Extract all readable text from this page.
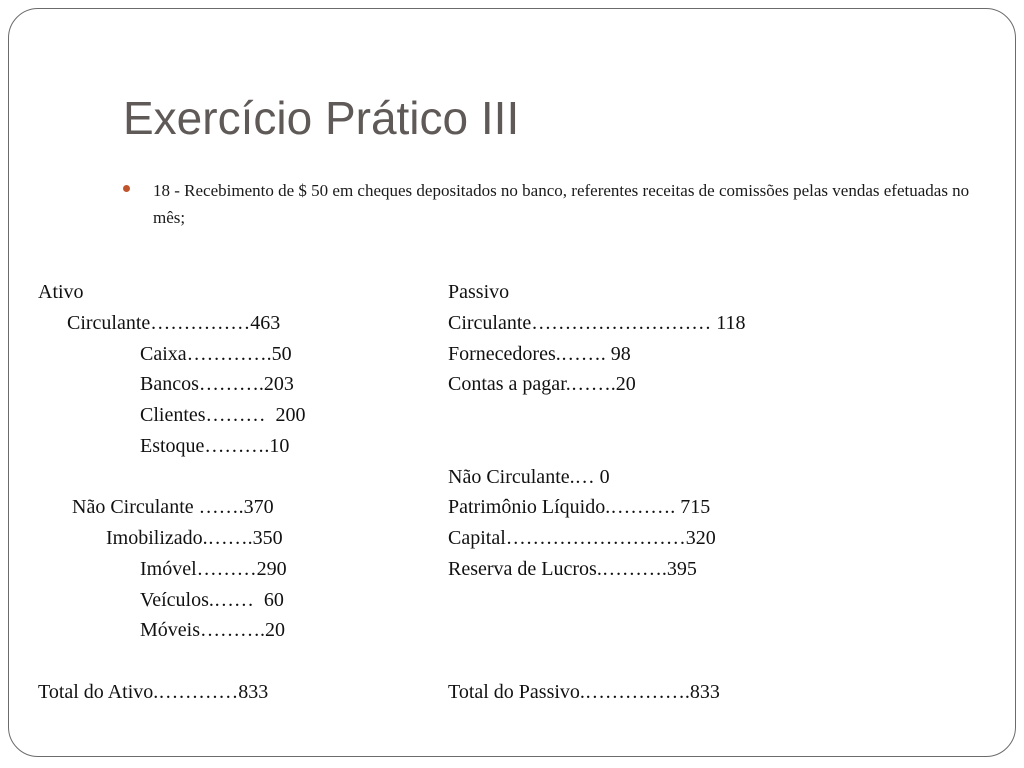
Exercício Prático III

18 - Recebimento de $ 50 em cheques depositados no banco, referentes receitas de comissões pelas vendas efetuadas no mês;

Ativo
Circulante……………463
Caixa………….50
Bancos……….203
Clientes………  200
Estoque……….10
Não Circulante …….370
Imobilizado.…….350
Imóvel………290
Veículos.……  60
Móveis……….20
Total do Ativo.…………833
Passivo
Circulante……………………… 118
Fornecedores.……. 98
Contas a pagar.…….20
Não Circulante.… 0
Patrimônio Líquido.………. 715
Capital………………………320
Reserva de Lucros.……….395
Total do Passivo.…………….833
